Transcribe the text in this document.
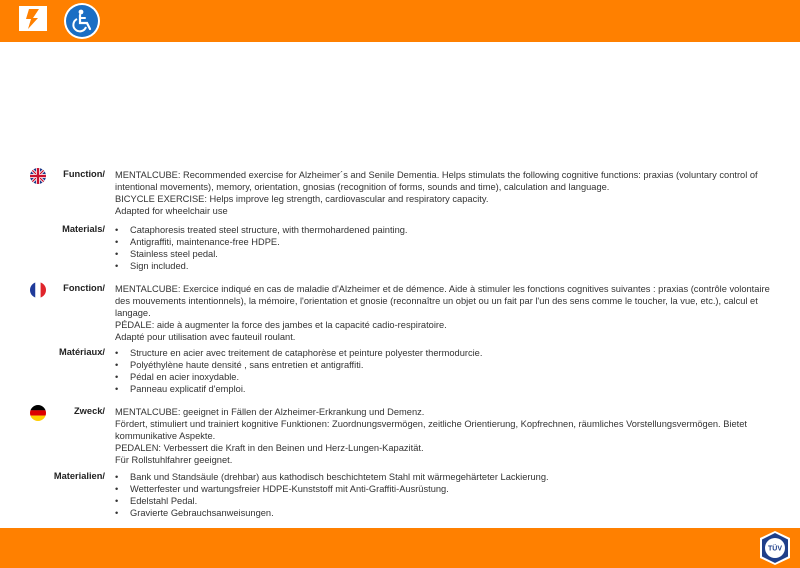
Function/ MENTALCUBE: Recommended exercise for Alzheimer´s and Senile Dementia. Helps stimulats the following cognitive functions: praxias (voluntary control of intentional movements), memory, orientation, gnosias (recognition of forms, sounds and time), calculation and language.

BICYCLE EXERCISE: Helps improve leg strength, cardiovascular and respiratory capacity.

Adapted for wheelchair use

Materials/	• Cataphoresis treated steel structure, with thermohardened painting.
• Antigraffiti, maintenance-free HDPE.
• Stainless steel pedal.
• Sign included.
Fonction/ MENTALCUBE: Exercice indiqué en cas de maladie d'Alzheimer et de démence. Aide à stimuler les fonctions cognitives suivantes : praxias (contrôle volontaire des mouvements intentionnels), la mémoire, l'orientation et gnosie (reconnaître un objet ou un fait par l'un des sens comme le toucher, la vue, etc.), calcul et langage.

PÉDALE: aide à augmenter la force des jambes et la capacité cadio-respiratoire.

Adapté pour utilisation avec fauteuil roulant.

Matériaux/	• Structure en acier avec treitement de cataphorèse et peinture polyester thermodurcie.
• Polyéthylène haute densité , sans entretien et antigraffiti.
• Pédal en acier inoxydable.
• Panneau explicatif d'emploi.
Zweck/ MENTALCUBE: geeignet in Fällen der Alzheimer-Erkrankung und Demenz.

Fördert, stimuliert und trainiert kognitive Funktionen: Zuordnungsvermögen, zeitliche Orientierung, Kopfrechnen, räumliches Vorstellungsvermögen. Bietet kommunikative Aspekte.

PEDALEN: Verbessert die Kraft in den Beinen und Herz-Lungen-Kapazität.

Für Rollstuhlfahrer geeignet.

Materialien/	• Bank und Standsäule (drehbar) aus kathodisch beschichtetem Stahl mit wärmegehärteter Lackierung.
• Wetterfester und wartungsfreier HDPE-Kunststoff mit Anti-Graffiti-Ausrüstung.
• Edelstahl Pedal.
• Gravierte Gebrauchsanweisungen.
TÜV
